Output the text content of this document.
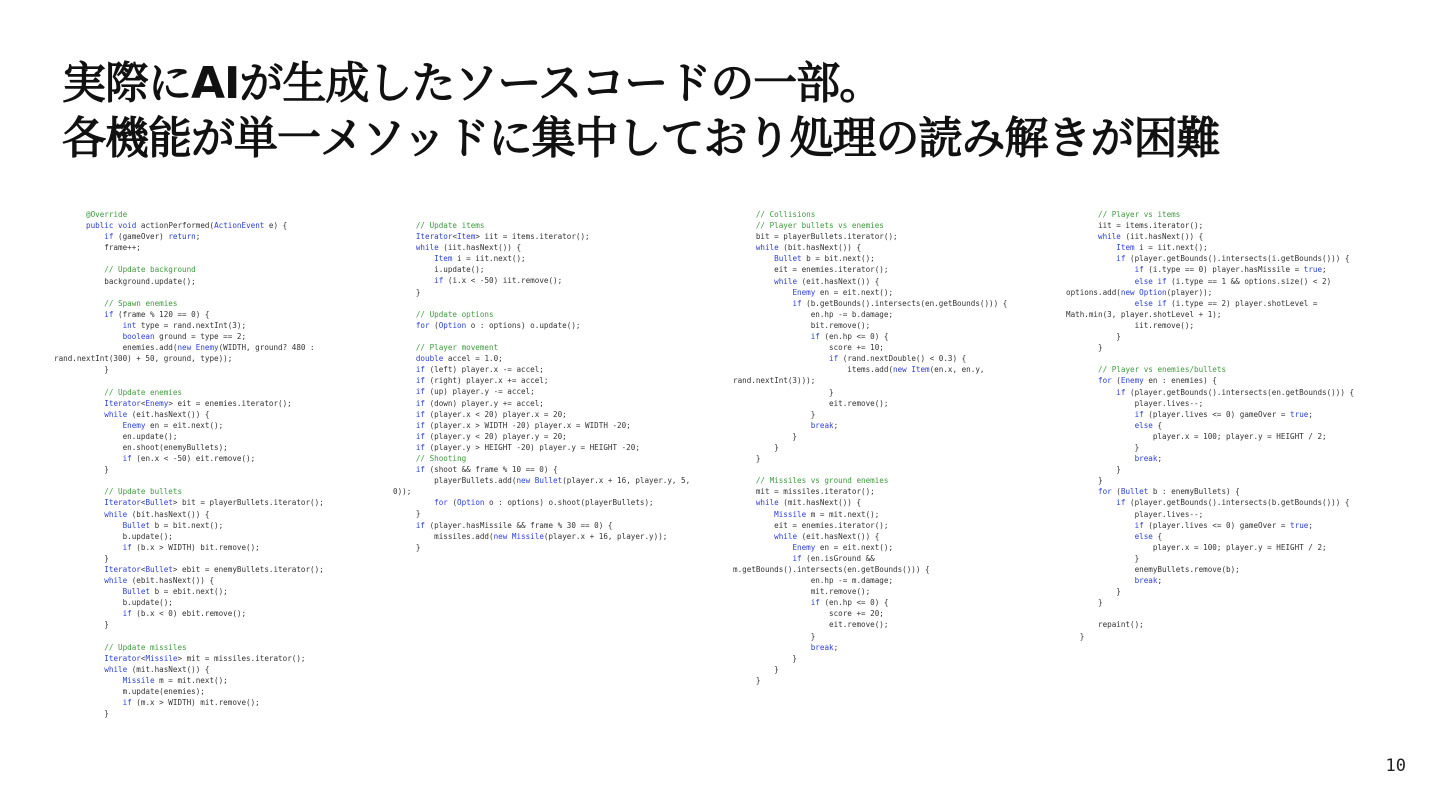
実際にAIが生成したソースコードの一部。
各機能が単一メソッドに集中しており処理の読み解きが困難
@Override
public void actionPerformed(ActionEvent e) {
if (gameOver) return;
frame++;

// Update background
background.update();

// Spawn enemies
if (frame % 120 == 0) {
int type = rand.nextInt(3);
boolean ground = type == 2;
enemies.add(new Enemy(WIDTH, ground? 480 :
rand.nextInt(300) + 50, ground, type));
}

// Update enemies
Iterator<Enemy> eit = enemies.iterator();
while (eit.hasNext()) {
Enemy en = eit.next();
en.update();
en.shoot(enemyBullets);
if (en.x < -50) eit.remove();
}

// Update bullets
Iterator<Bullet> bit = playerBullets.iterator();
while (bit.hasNext()) {
Bullet b = bit.next();
b.update();
if (b.x > WIDTH) bit.remove();
}
Iterator<Bullet> ebit = enemyBullets.iterator();
while (ebit.hasNext()) {
Bullet b = ebit.next();
b.update();
if (b.x < 0) ebit.remove();
}

// Update missiles
Iterator<Missile> mit = missiles.iterator();
while (mit.hasNext()) {
Missile m = mit.next();
m.update(enemies);
if (m.x > WIDTH) mit.remove();
}
// Update items
Iterator<Item> iit = items.iterator();
while (iit.hasNext()) {
Item i = iit.next();
i.update();
if (i.x < -50) iit.remove();
}

// Update options
for (Option o : options) o.update();

// Player movement
double accel = 1.0;
if (left) player.x -= accel;
if (right) player.x += accel;
if (up) player.y -= accel;
if (down) player.y += accel;
if (player.x < 20) player.x = 20;
if (player.x > WIDTH -20) player.x = WIDTH -20;
if (player.y < 20) player.y = 20;
if (player.y > HEIGHT -20) player.y = HEIGHT -20;
// Shooting
if (shoot && frame % 10 == 0) {
playerBullets.add(new Bullet(player.x + 16, player.y, 5,
0));
for (Option o : options) o.shoot(playerBullets);
}
if (player.hasMissile && frame % 30 == 0) {
missiles.add(new Missile(player.x + 16, player.y));
}
// Collisions
// Player bullets vs enemies
bit = playerBullets.iterator();
while (bit.hasNext()) {
Bullet b = bit.next();
eit = enemies.iterator();
while (eit.hasNext()) {
Enemy en = eit.next();
if (b.getBounds().intersects(en.getBounds())) {
en.hp -= b.damage;
bit.remove();
if (en.hp <= 0) {
score += 10;
if (rand.nextDouble() < 0.3) {
items.add(new Item(en.x, en.y,
rand.nextInt(3)));
}
eit.remove();
}
break;
}
}
}

// Missiles vs ground enemies
mit = missiles.iterator();
while (mit.hasNext()) {
Missile m = mit.next();
eit = enemies.iterator();
while (eit.hasNext()) {
Enemy en = eit.next();
if (en.isGround &&
m.getBounds().intersects(en.getBounds())) {
en.hp -= m.damage;
mit.remove();
if (en.hp <= 0) {
score += 20;
eit.remove();
}
break;
}
}
}
// Player vs items
iit = items.iterator();
while (iit.hasNext()) {
Item i = iit.next();
if (player.getBounds().intersects(i.getBounds())) {
if (i.type == 0) player.hasMissile = true;
else if (i.type == 1 && options.size() < 2)
options.add(new Option(player));
else if (i.type == 2) player.shotLevel =
Math.min(3, player.shotLevel + 1);
iit.remove();
}
}

// Player vs enemies/bullets
for (Enemy en : enemies) {
if (player.getBounds().intersects(en.getBounds())) {
player.lives--;
if (player.lives <= 0) gameOver = true;
else {
player.x = 100; player.y = HEIGHT / 2;
}
break;
}
}
for (Bullet b : enemyBullets) {
if (player.getBounds().intersects(b.getBounds())) {
player.lives--;
if (player.lives <= 0) gameOver = true;
else {
player.x = 100; player.y = HEIGHT / 2;
}
enemyBullets.remove(b);
break;
}
}

repaint();
}
10
